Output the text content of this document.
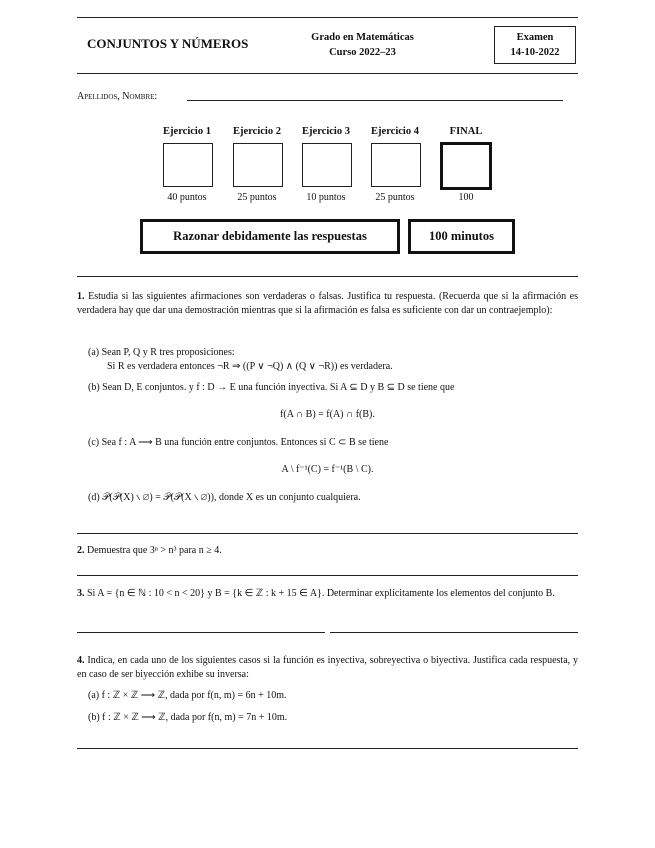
CONJUNTOS Y NÚMEROS	Grado en Matemáticas
Curso 2022–23
Examen
14-10-2022
Apellidos, Nombre:
Ejercicio 1
40 puntos
Ejercicio 2
25 puntos
Ejercicio 3
10 puntos
Ejercicio 4
25 puntos
FINAL
100
Razonar debidamente las respuestas	100 minutos
1. Estudia si las siguientes afirmaciones son verdaderas o falsas. Justifica tu respuesta. (Recuerda que si la afirmación es verdadera hay que dar una demostración mientras que si la afirmación es falsa es suficiente con dar un contraejemplo):
(a) Sean P, Q y R tres proposiciones:
Si R es verdadera entonces ¬R ⇒ ((P ∨ ¬Q) ∧ (Q ∨ ¬R)) es verdadera.
(b) Sean D, E conjuntos. y f : D → E una función inyectiva. Si A ⊆ D y B ⊆ D se tiene que
f(A ∩ B) = f(A) ∩ f(B).
(c) Sea f : A ⟶ B una función entre conjuntos. Entonces si C ⊂ B se tiene
A \ f⁻¹(C) = f⁻¹(B \ C).
(d) 𝒫(𝒫(X) ∖ ∅) = 𝒫(𝒫(X ∖ ∅)), donde X es un conjunto cualquiera.
2. Demuestra que 3ⁿ > n³ para n ≥ 4.
3. Si A = {n ∈ ℕ : 10 < n < 20} y B = {k ∈ ℤ : k + 15 ∈ A}. Determinar explícitamente los elementos del conjunto B.
4. Indica, en cada uno de los siguientes casos si la función es inyectiva, sobreyectiva o biyectiva. Justifica cada respuesta, y en caso de ser biyección exhibe su inversa:
(a) f : ℤ × ℤ ⟶ ℤ, dada por f(n, m) = 6n + 10m.
(b) f : ℤ × ℤ ⟶ ℤ, dada por f(n, m) = 7n + 10m.
